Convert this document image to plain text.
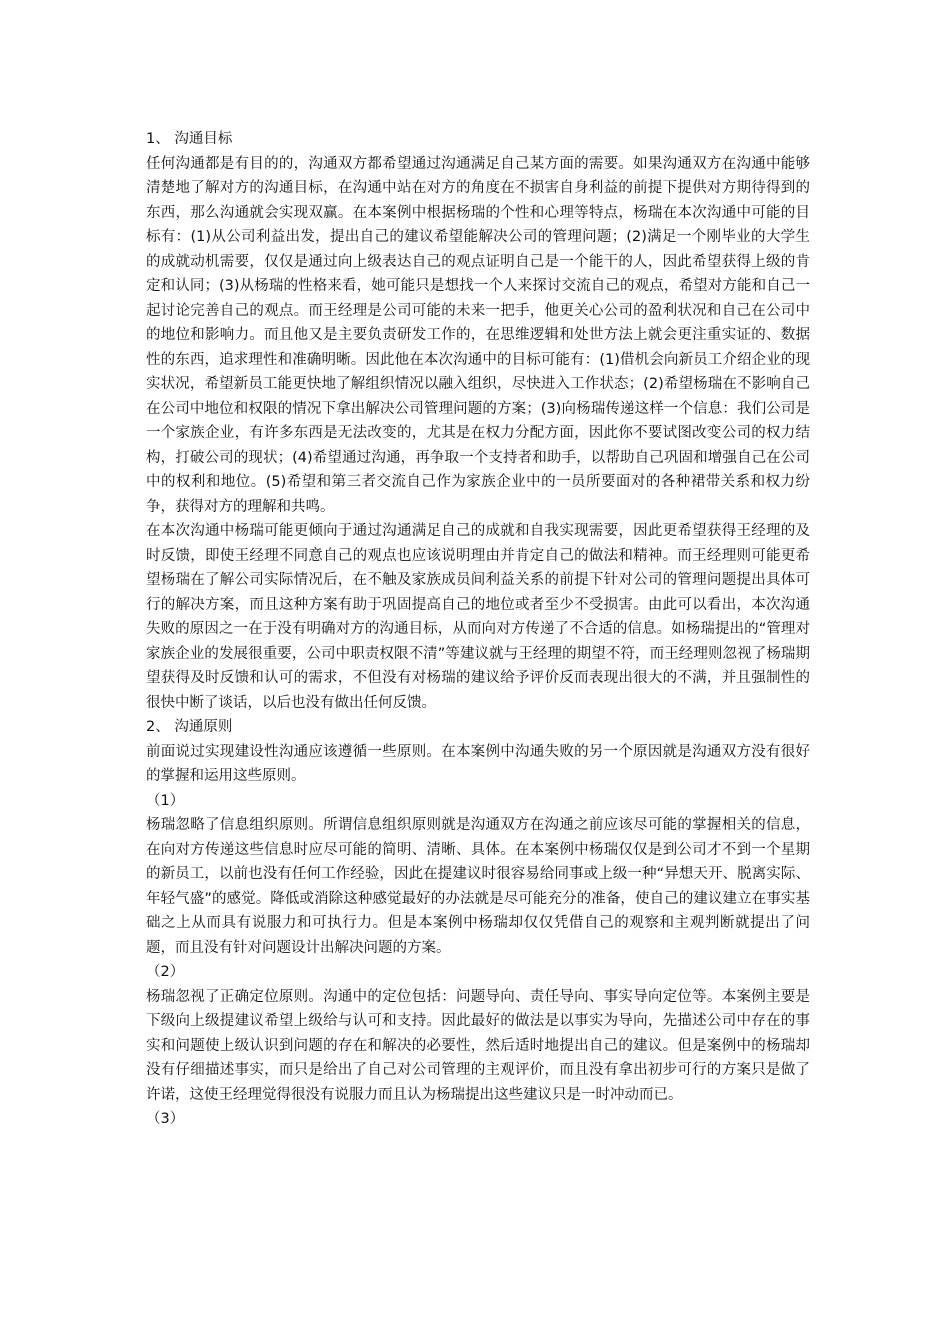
1、 沟通目标

任何沟通都是有目的的，沟通双方都希望通过沟通满足自己某方面的需要。如果沟通双方在沟通中能够清楚地了解对方的沟通目标，在沟通中站在对方的角度在不损害自身利益的前提下提供对方期待得到的东西，那么沟通就会实现双赢。在本案例中根据杨瑞的个性和心理等特点，杨瑞在本次沟通中可能的目标有：(1)从公司利益出发，提出自己的建议希望能解决公司的管理问题；(2)满足一个刚毕业的大学生的成就动机需要，仅仅是通过向上级表达自己的观点证明自己是一个能干的人，因此希望获得上级的肯定和认同；(3)从杨瑞的性格来看，她可能只是想找一个人来探讨交流自己的观点，希望对方能和自己一起讨论完善自己的观点。而王经理是公司可能的未来一把手，他更关心公司的盈利状况和自己在公司中的地位和影响力。而且他又是主要负责研发工作的，在思维逻辑和处世方法上就会更注重实证的、数据性的东西，追求理性和准确明晰。因此他在本次沟通中的目标可能有：(1)借机会向新员工介绍企业的现实状况，希望新员工能更快地了解组织情况以融入组织，尽快进入工作状态；(2)希望杨瑞在不影响自己在公司中地位和权限的情况下拿出解决公司管理问题的方案；(3)向杨瑞传递这样一个信息：我们公司是一个家族企业，有许多东西是无法改变的，尤其是在权力分配方面，因此你不要试图改变公司的权力结构，打破公司的现状；(4)希望通过沟通，再争取一个支持者和助手，以帮助自己巩固和增强自己在公司中的权利和地位。(5)希望和第三者交流自己作为家族企业中的一员所要面对的各种裙带关系和权力纷争，获得对方的理解和共鸣。

在本次沟通中杨瑞可能更倾向于通过沟通满足自己的成就和自我实现需要，因此更希望获得王经理的及时反馈，即使王经理不同意自己的观点也应该说明理由并肯定自己的做法和精神。而王经理则可能更希望杨瑞在了解公司实际情况后，在不触及家族成员间利益关系的前提下针对公司的管理问题提出具体可行的解决方案，而且这种方案有助于巩固提高自己的地位或者至少不受损害。由此可以看出，本次沟通失败的原因之一在于没有明确对方的沟通目标，从而向对方传递了不合适的信息。如杨瑞提出的“管理对家族企业的发展很重要，公司中职责权限不清”等建议就与王经理的期望不符，而王经理则忽视了杨瑞期望获得及时反馈和认可的需求，不但没有对杨瑞的建议给予评价反而表现出很大的不满，并且强制性的很快中断了谈话，以后也没有做出任何反馈。

2、 沟通原则

前面说过实现建设性沟通应该遵循一些原则。在本案例中沟通失败的另一个原因就是沟通双方没有很好的掌握和运用这些原则。

（1）

杨瑞忽略了信息组织原则。所谓信息组织原则就是沟通双方在沟通之前应该尽可能的掌握相关的信息，在向对方传递这些信息时应尽可能的简明、清晰、具体。在本案例中杨瑞仅仅是到公司才不到一个星期的新员工，以前也没有任何工作经验，因此在提建议时很容易给同事或上级一种“异想天开、脱离实际、年轻气盛”的感觉。降低或消除这种感觉最好的办法就是尽可能充分的准备，使自己的建议建立在事实基础之上从而具有说服力和可执行力。但是本案例中杨瑞却仅仅凭借自己的观察和主观判断就提出了问题，而且没有针对问题设计出解决问题的方案。

（2）

杨瑞忽视了正确定位原则。沟通中的定位包括：问题导向、责任导向、事实导向定位等。本案例主要是下级向上级提建议希望上级给与认可和支持。因此最好的做法是以事实为导向，先描述公司中存在的事实和问题使上级认识到问题的存在和解决的必要性，然后适时地提出自己的建议。但是案例中的杨瑞却没有仔细描述事实，而只是给出了自己对公司管理的主观评价，而且没有拿出初步可行的方案只是做了许诺，这使王经理觉得很没有说服力而且认为杨瑞提出这些建议只是一时冲动而已。

（3）
